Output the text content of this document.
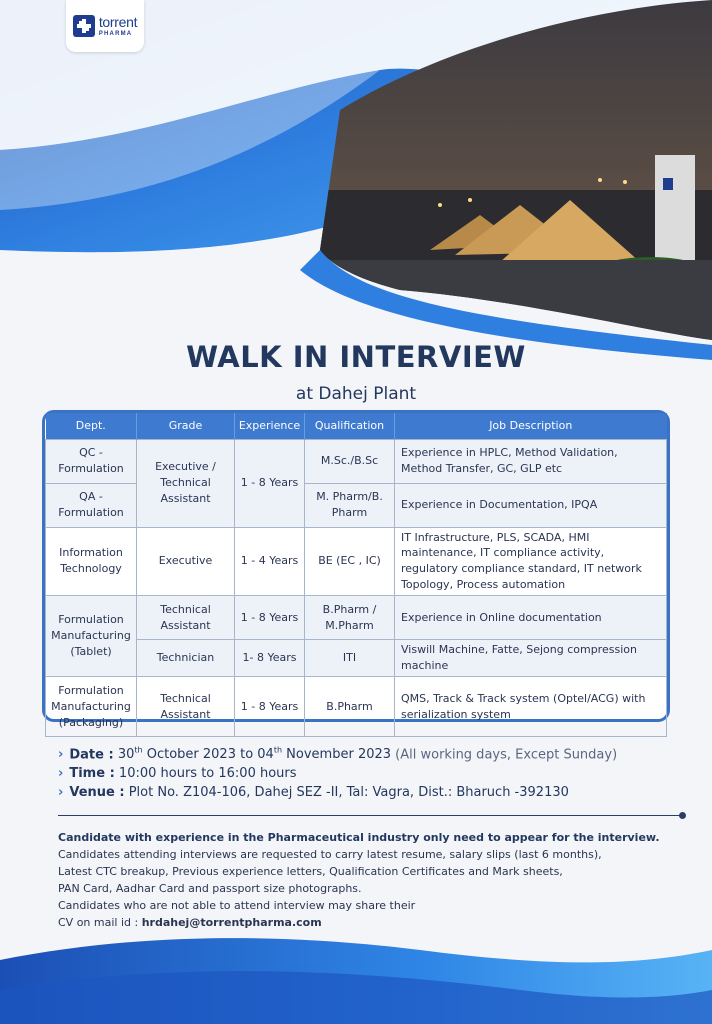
torrent
PHARMA
WALK IN INTERVIEW
at Dahej Plant
Dept.	Grade	Experience	Qualification	Job Description
QC - Formulation	Executive / Technical Assistant	1 - 8 Years	M.Sc./B.Sc	Experience in HPLC, Method Validation, Method Transfer, GC, GLP etc
QA - Formulation			M. Pharm/B. Pharm	Experience in Documentation, IPQA
Information Technology	Executive	1 - 4 Years	BE (EC , IC)	IT Infrastructure, PLS, SCADA, HMI maintenance, IT compliance activity, regulatory compliance standard, IT network Topology, Process automation
Formulation Manufacturing (Tablet)	Technical Assistant	1 - 8 Years	B.Pharm / M.Pharm	Experience in Online documentation
	Technician	1- 8 Years	ITI	Viswill Machine, Fatte, Sejong compression machine
Formulation Manufacturing (Packaging)	Technical Assistant	1 - 8 Years	B.Pharm	QMS, Track & Track system (Optel/ACG) with serialization system
› Date : 30th October 2023 to 04th November 2023 (All working days, Except Sunday)
› Time : 10:00 hours to 16:00 hours
› Venue : Plot No. Z104-106, Dahej SEZ -II, Tal: Vagra, Dist.: Bharuch -392130
Candidate with experience in the Pharmaceutical industry only need to appear for the interview.
Candidates attending interviews are requested to carry latest resume, salary slips (last 6 months),
Latest CTC breakup, Previous experience letters, Qualification Certificates and Mark sheets,
PAN Card, Aadhar Card and passport size photographs.
Candidates who are not able to attend interview may share their
CV on mail id : hrdahej@torrentpharma.com
